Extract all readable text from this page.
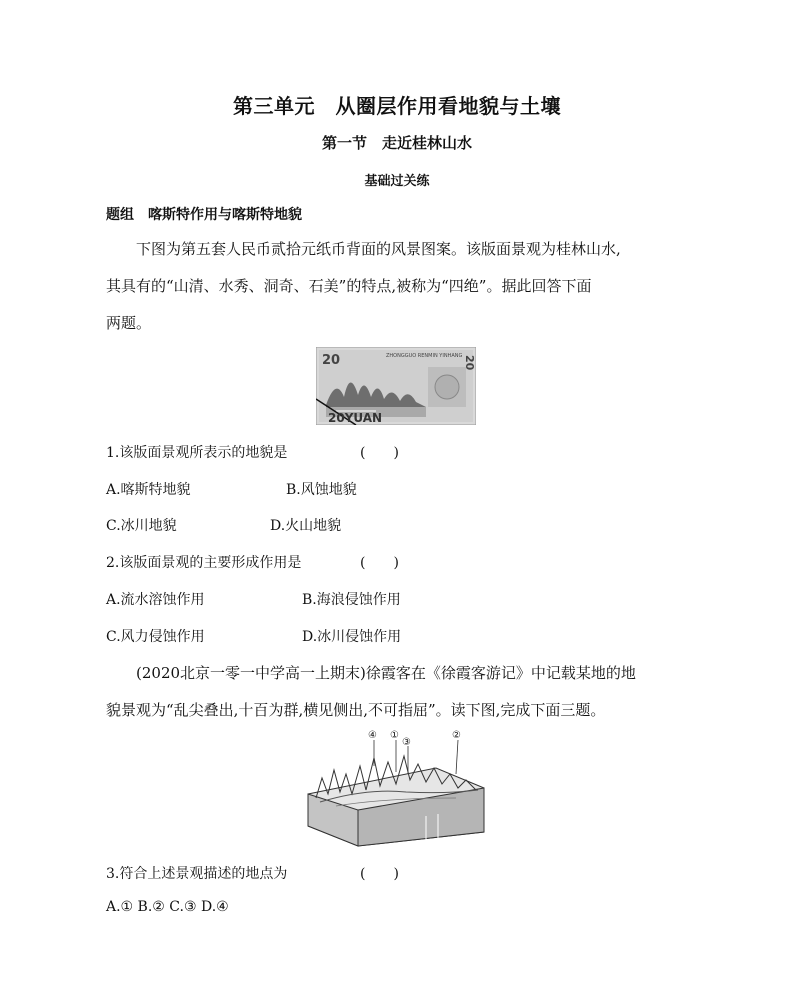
第三单元　从圈层作用看地貌与土壤
第一节　走近桂林山水
基础过关练
题组　喀斯特作用与喀斯特地貌
下图为第五套人民币贰拾元纸币背面的风景图案。该版面景观为桂林山水,
其具有的“山清、水秀、洞奇、石美”的特点,被称为“四绝”。据此回答下面
两题。
20	ZHONGGUO RENMIN YINHANG 20
20YUAN
1.该版面景观所表示的地貌是	(　　)
A.喀斯特地貌	B.风蚀地貌
C.冰川地貌	D.火山地貌
2.该版面景观的主要形成作用是	(　　)
A.流水溶蚀作用	B.海浪侵蚀作用
C.风力侵蚀作用	D.冰川侵蚀作用
(2020北京一零一中学高一上期末)徐霞客在《徐霞客游记》中记载某地的地
貌景观为“乱尖叠出,十百为群,横见侧出,不可指屈”。读下图,完成下面三题。
④ ①
③
②
3.符合上述景观描述的地点为	(　　)
A.① B.② C.③ D.④
